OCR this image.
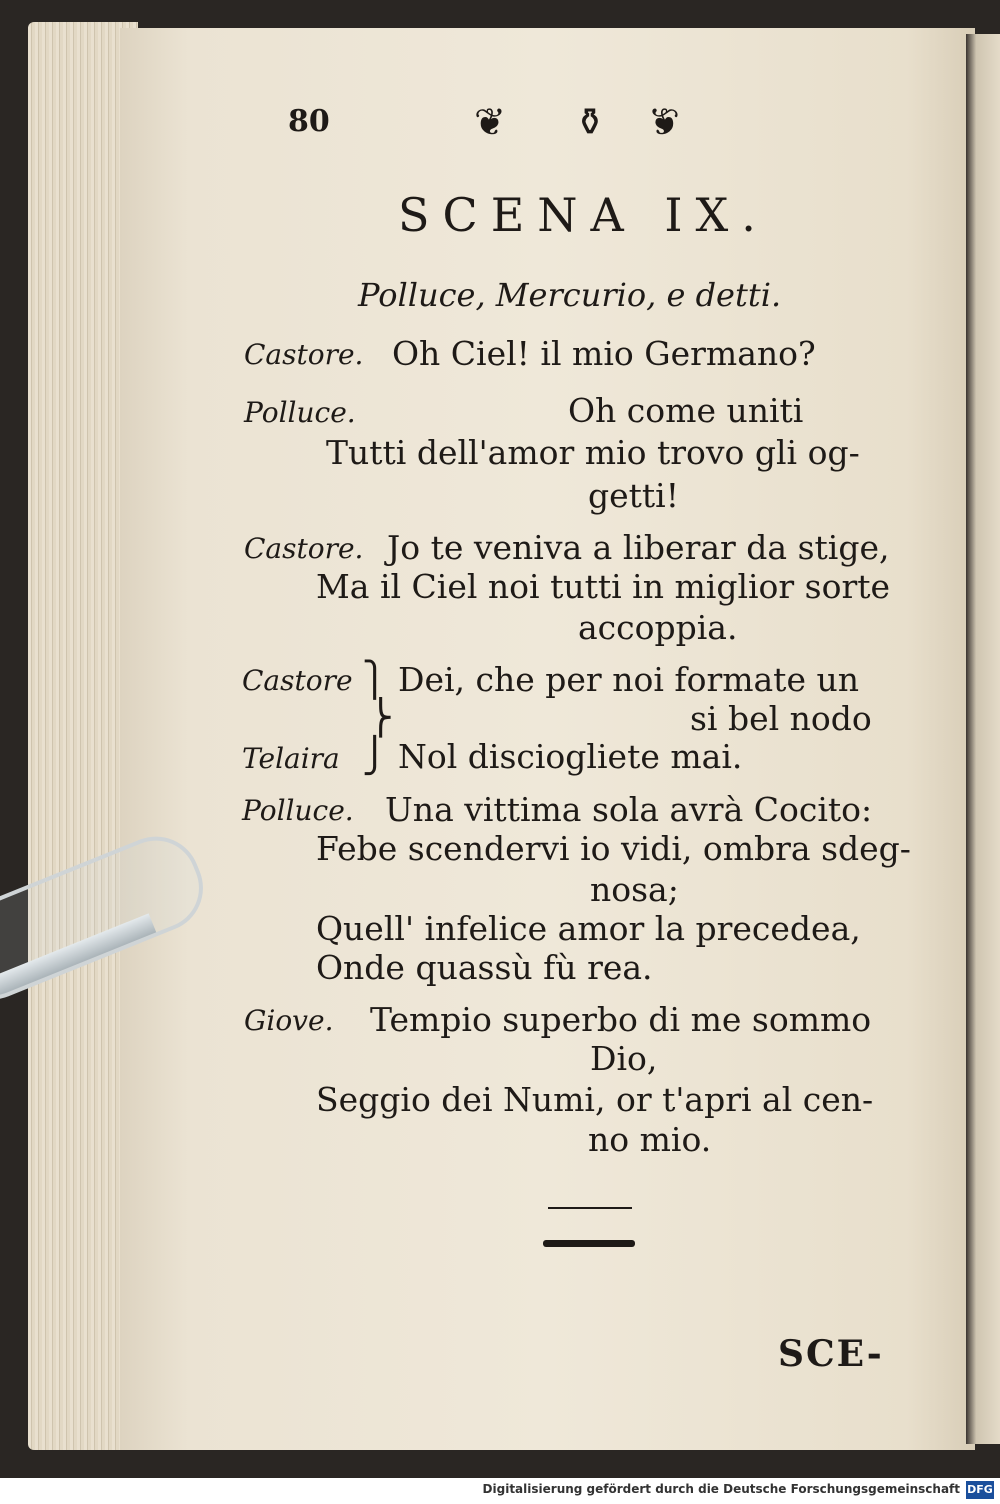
80	❦ ⚱ ❦
SCENA IX.
Polluce, Mercurio, e detti.
Castore. Oh Ciel! il mio Germano?
Polluce.	Oh come uniti
Tutti dell'amor mio trovo gli og-
getti!
Castore. Jo te veniva a liberar da stige,
Ma il Ciel noi tutti in miglior sorte
accoppia.
Castore ⎫
⎬
⎭
Dei, che per noi formate un
si bel nodo
Telaira Nol disciogliete mai.
Polluce. Una vittima sola avrà Cocito:
Febe scendervi io vidi, ombra sdeg-
nosa;
Quell' infelice amor la precedea,
Onde quassù fù rea.
Giove. Tempio superbo di me sommo
Dio,
Seggio dei Numi, or t'apri al cen-
no mio.
SCE-
Digitalisierung gefördert durch die Deutsche Forschungsgemeinschaft DFG
